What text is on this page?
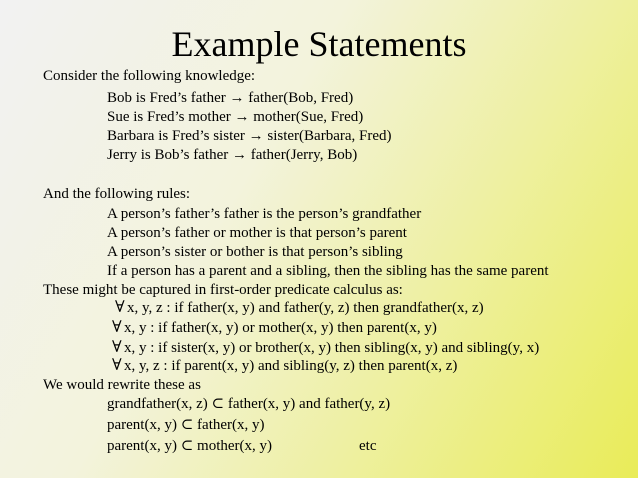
Example Statements
Consider the following knowledge:
Bob is Fred’s father → father(Bob, Fred)
Sue is Fred’s mother → mother(Sue, Fred)
Barbara is Fred’s sister → sister(Barbara, Fred)
Jerry is Bob’s father → father(Jerry, Bob)
And the following rules:
A person’s father’s father is the person’s grandfather
A person’s father or mother is that person’s parent
A person’s sister or bother is that person’s sibling
If a person has a parent and a sibling, then the sibling has the same parent
These might be captured in first-order predicate calculus as:
∀ x, y, z : if father(x, y) and father(y, z) then grandfather(x, z)
∀ x, y : if father(x, y) or mother(x, y) then parent(x, y)
∀ x, y : if sister(x, y) or brother(x, y) then sibling(x, y) and sibling(y, x)
∀ x, y, z : if parent(x, y) and sibling(y, z) then parent(x, z)
We would rewrite these as
grandfather(x, z) ⊂ father(x, y) and father(y, z)
parent(x, y) ⊂ father(x, y)
parent(x, y) ⊂ mother(x, y)	etc
